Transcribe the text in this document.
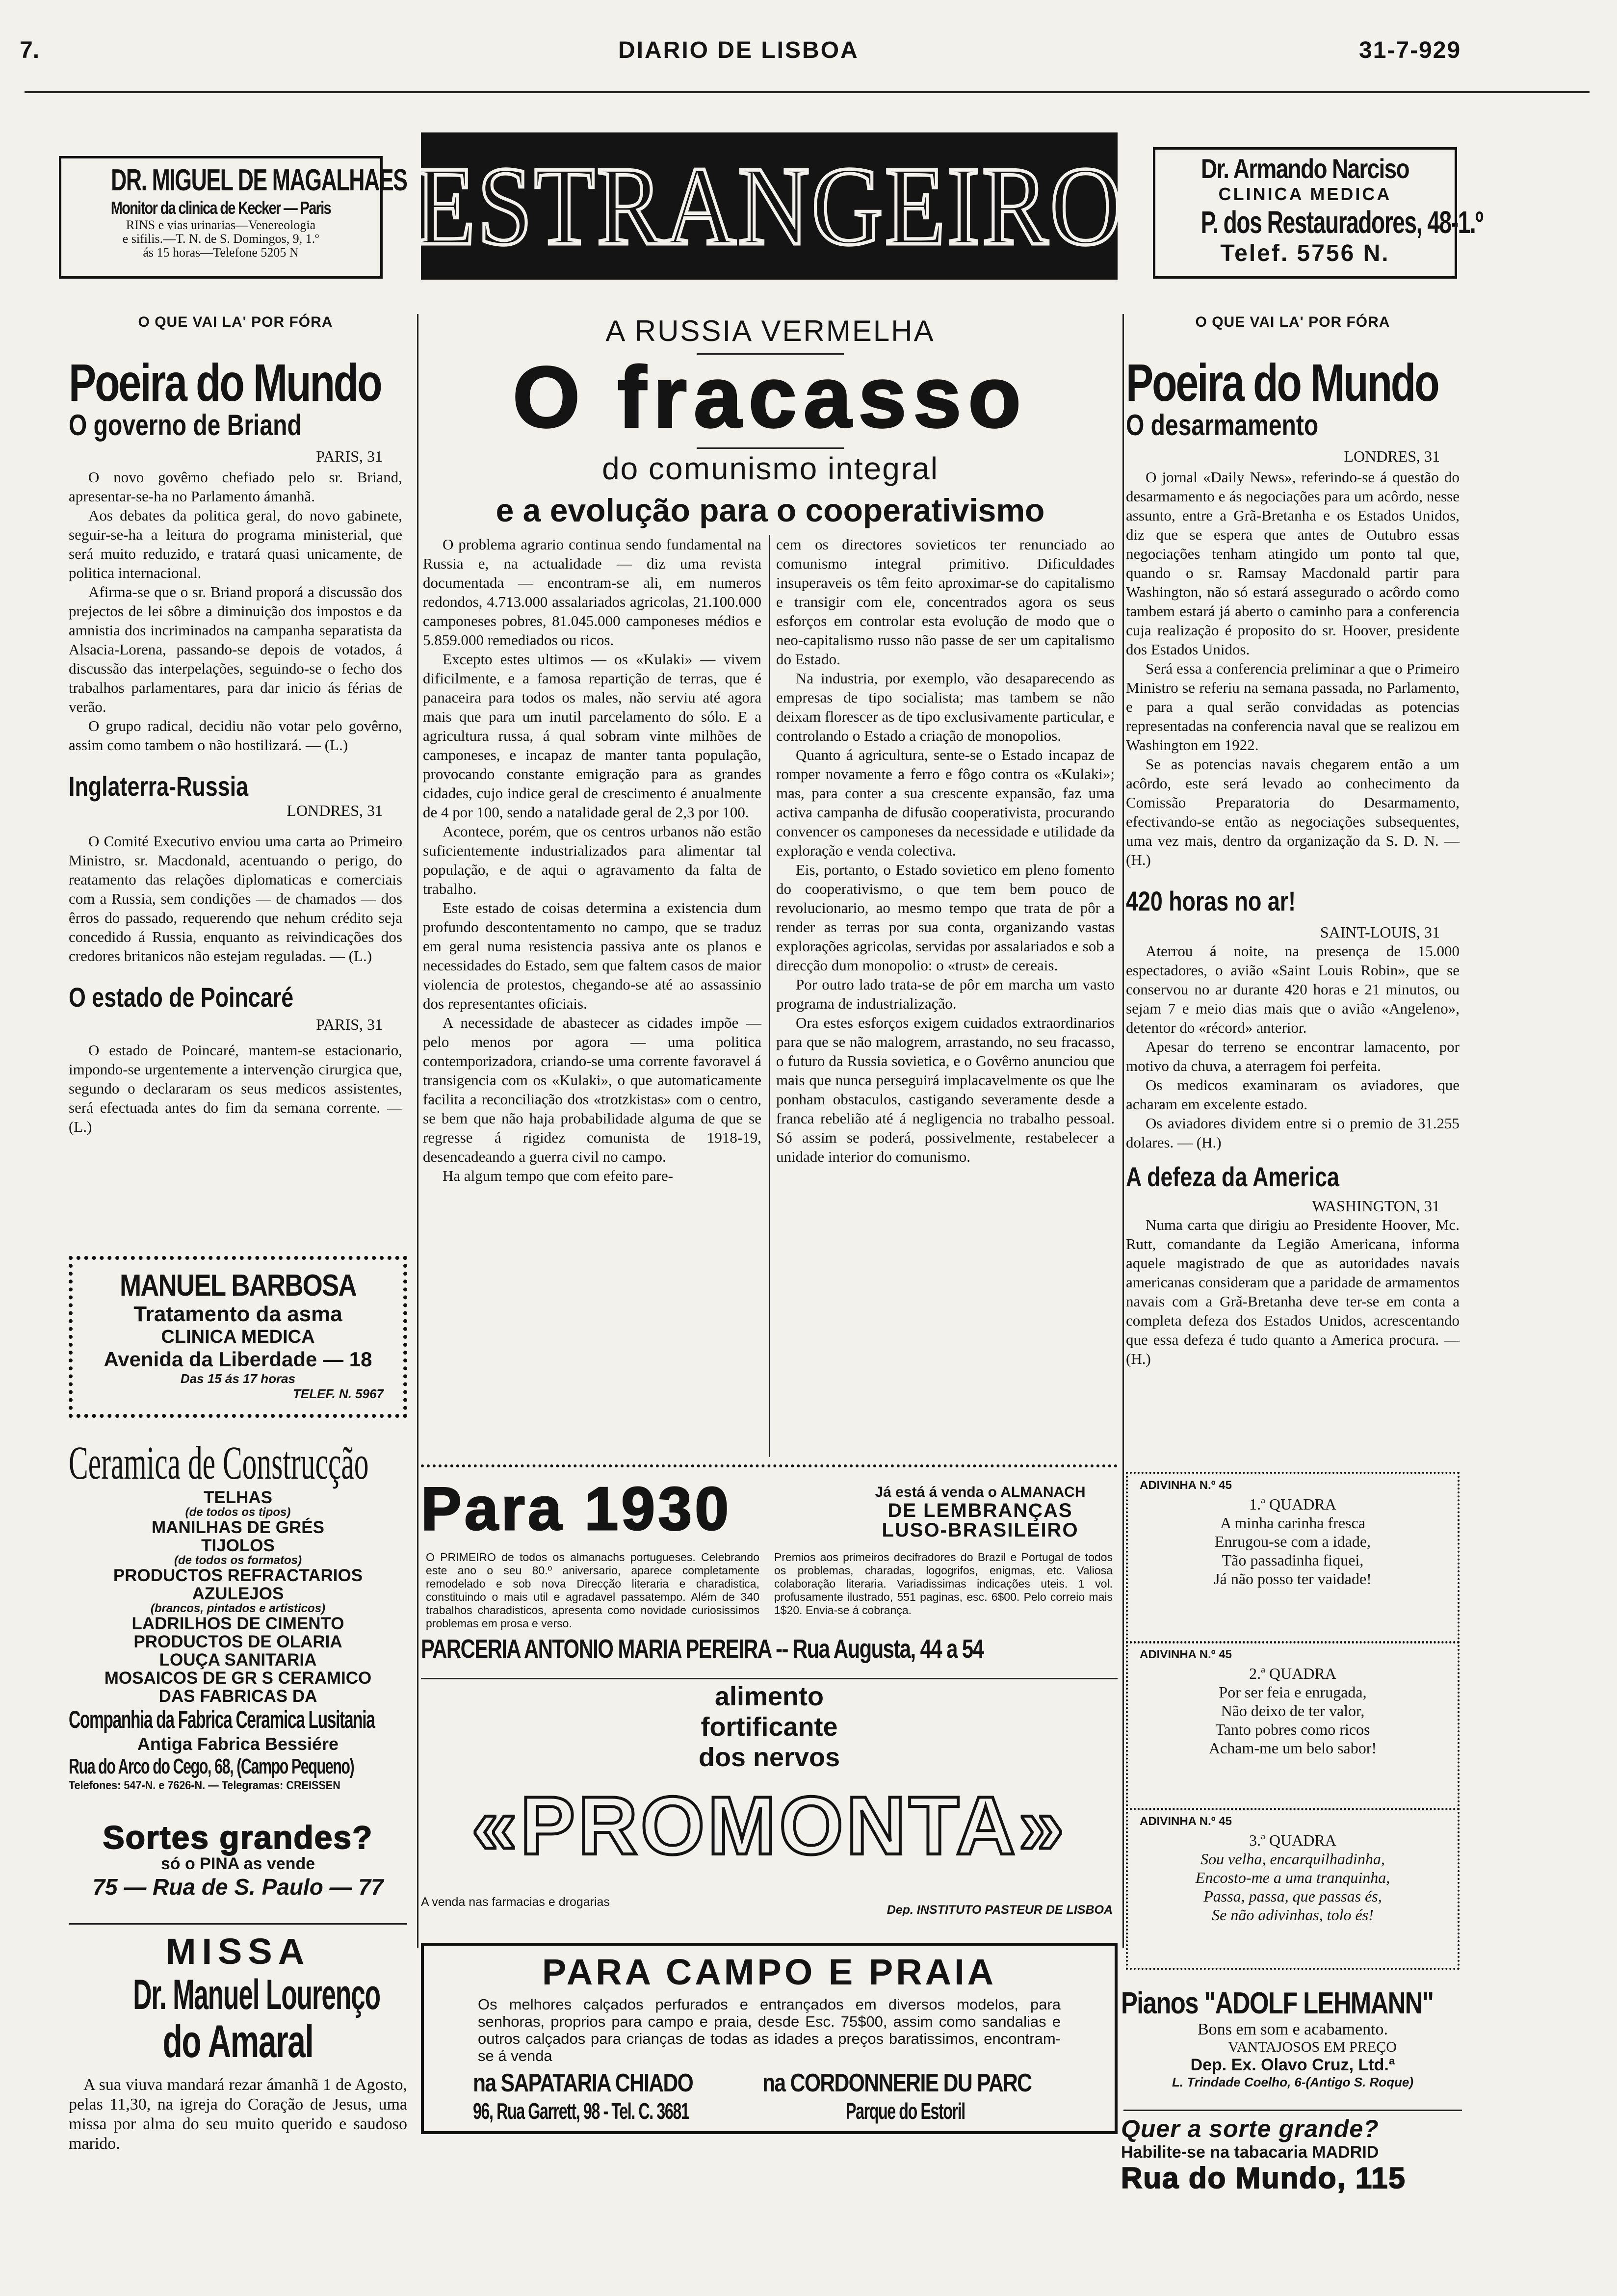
7.	DIARIO DE LISBOA	31-7-929
DR. MIGUEL DE MAGALHAES
Monitor da clinica de Kecker — Paris
RINS e vias urinarias—Venereologia
e sifilis.—T. N. de S. Domingos, 9, 1.º
ás 15 horas—Telefone 5205 N	ESTRANGEIRO	Dr. Armando Narciso
CLINICA MEDICA
P. dos Restauradores, 48-1.º
Telef. 5756 N.
O QUE VAI LA' POR FÓRA
Poeira do Mundo
O governo de Briand
PARIS, 31

O novo govêrno chefiado pelo sr. Briand, apresentar-se-ha no Parlamento ámanhã.

Aos debates da politica geral, do novo gabinete, seguir-se-ha a leitura do programa ministerial, que será muito reduzido, e tratará quasi unicamente, de politica internacional.

Afirma-se que o sr. Briand proporá a discussão dos prejectos de lei sôbre a diminuição dos impostos e da amnistia dos incriminados na campanha separatista da Alsacia-Lorena, passando-se depois de votados, á discussão das interpelações, seguindo-se o fecho dos trabalhos parlamentares, para dar inicio ás férias de verão.

O grupo radical, decidiu não votar pelo govêrno, assim como tambem o não hostilizará. — (L.)

Inglaterra-Russia
LONDRES, 31

O Comité Executivo enviou uma carta ao Primeiro Ministro, sr. Macdonald, acentuando o perigo, do reatamento das relações diplomaticas e comerciais com a Russia, sem condições — de chamados — dos êrros do passado, requerendo que nehum crédito seja concedido á Russia, enquanto as reivindicações dos credores britanicos não estejam reguladas. — (L.)

O estado de Poincaré
PARIS, 31

O estado de Poincaré, mantem-se estacionario, impondo-se urgentemente a intervenção cirurgica que, segundo o declararam os seus medicos assistentes, será efectuada antes do fim da semana corrente. — (L.)

MANUEL BARBOSA
Tratamento da asma
CLINICA MEDICA
Avenida da Liberdade — 18
Das 15 ás 17 horas
TELEF. N. 5967
Ceramica de Construcção
TELHAS
(de todos os tipos)
MANILHAS DE GRÉS
TIJOLOS
(de todos os formatos)
PRODUCTOS REFRACTARIOS
AZULEJOS
(brancos, pintados e artisticos)
LADRILHOS DE CIMENTO
PRODUCTOS DE OLARIA
LOUÇA SANITARIA
MOSAICOS DE GR S CERAMICO
DAS FABRICAS DA
Companhia da Fabrica Ceramica Lusitania
Antiga Fabrica Bessiére
Rua do Arco do Cego, 68, (Campo Pequeno)
Telefones: 547-N. e 7626-N. — Telegramas: CREISSEN
Sortes grandes?
só o PINA as vende
75 — Rua de S. Paulo — 77
MISSA
Dr. Manuel Lourenço
do Amaral
A sua viuva mandará rezar ámanhã 1 de Agosto, pelas 11,30, na igreja do Coração de Jesus, uma missa por alma do seu muito querido e saudoso marido.
A RUSSIA VERMELHA
O fracasso
do comunismo integral
e a evolução para o cooperativismo

O problema agrario continua sendo fundamental na Russia e, na actualidade — diz uma revista documentada — encontram-se ali, em numeros redondos, 4.713.000 assalariados agricolas, 21.100.000 camponeses pobres, 81.045.000 camponeses médios e 5.859.000 remediados ou ricos.

Excepto estes ultimos — os «Kulaki» — vivem dificilmente, e a famosa repartição de terras, que é panaceira para todos os males, não serviu até agora mais que para um inutil parcelamento do sólo. E a agricultura russa, á qual sobram vinte milhões de camponeses, e incapaz de manter tanta população, provocando constante emigração para as grandes cidades, cujo indice geral de crescimento é anualmente de 4 por 100, sendo a natalidade geral de 2,3 por 100.

Acontece, porém, que os centros urbanos não estão suficientemente industrializados para alimentar tal população, e de aqui o agravamento da falta de trabalho.

Este estado de coisas determina a existencia dum profundo descontentamento no campo, que se traduz em geral numa resistencia passiva ante os planos e necessidades do Estado, sem que faltem casos de maior violencia de protestos, chegando-se até ao assassinio dos representantes oficiais.

A necessidade de abastecer as cidades impõe — pelo menos por agora — uma politica contemporizadora, criando-se uma corrente favoravel á transigencia com os «Kulaki», o que automaticamente facilita a reconciliação dos «trotzkistas» com o centro, se bem que não haja probabilidade alguma de que se regresse á rigidez comunista de 1918-19, desencadeando a guerra civil no campo.

Ha algum tempo que com efeito pare-

cem os directores sovieticos ter renunciado ao comunismo integral primitivo. Dificuldades insuperaveis os têm feito aproximar-se do capitalismo e transigir com ele, concentrados agora os seus esforços em controlar esta evolução de modo que o neo-capitalismo russo não passe de ser um capitalismo do Estado.

Na industria, por exemplo, vão desaparecendo as empresas de tipo socialista; mas tambem se não deixam florescer as de tipo exclusivamente particular, e controlando o Estado a criação de monopolios.

Quanto á agricultura, sente-se o Estado incapaz de romper novamente a ferro e fôgo contra os «Kulaki»; mas, para conter a sua crescente expansão, faz uma activa campanha de difusão cooperativista, procurando convencer os camponeses da necessidade e utilidade da exploração e venda colectiva.

Eis, portanto, o Estado sovietico em pleno fomento do cooperativismo, o que tem bem pouco de revolucionario, ao mesmo tempo que trata de pôr a render as terras por sua conta, organizando vastas explorações agricolas, servidas por assalariados e sob a direcção dum monopolio: o «trust» de cereais.

Por outro lado trata-se de pôr em marcha um vasto programa de industrialização.

Ora estes esforços exigem cuidados extraordinarios para que se não malogrem, arrastando, no seu fracasso, o futuro da Russia sovietica, e o Govêrno anunciou que mais que nunca perseguirá implacavelmente os que lhe ponham obstaculos, castigando severamente desde a franca rebelião até á negligencia no trabalho pessoal. Só assim se poderá, possivelmente, restabelecer a unidade interior do comunismo.

Para 1930	Já está á venda o ALMANACH
DE LEMBRANÇAS
LUSO-BRASILEIRO
O PRIMEIRO de todos os almanachs portugueses. Celebrando este ano o seu 80.º aniversario, aparece completamente remodelado e sob nova Direcção literaria e charadistica, constituindo o mais util e agradavel passatempo. Além de 340 trabalhos charadisticos, apresenta como novidade curiosissimos problemas em prosa e verso.
Premios aos primeiros decifradores do Brazil e Portugal de todos os problemas, charadas, logogrifos, enigmas, etc. Valiosa colaboração literaria. Variadissimas indicações uteis. 1 vol. profusamente ilustrado, 551 paginas, esc. 6$00. Pelo correio mais 1$20. Envia-se á cobrança.
PARCERIA ANTONIO MARIA PEREIRA -- Rua Augusta, 44 a 54
alimento
fortificante
dos nervos
«PROMONTA»
A venda nas farmacias e drogarias
Dep. INSTITUTO PASTEUR DE LISBOA
PARA CAMPO E PRAIA
Os melhores calçados perfurados e entrançados em diversos modelos, para senhoras, proprios para campo e praia, desde Esc. 75$00, assim como sandalias e outros calçados para crianças de todas as idades a preços baratissimos, encontram-se á venda
na SAPATARIA CHIADO	na CORDONNERIE DU PARC
96, Rua Garrett, 98 - Tel. C. 3681	Parque do Estoril
O QUE VAI LA' POR FÓRA
Poeira do Mundo
O desarmamento
LONDRES, 31

O jornal «Daily News», referindo-se á questão do desarmamento e ás negociações para um acôrdo, nesse assunto, entre a Grã-Bretanha e os Estados Unidos, diz que se espera que antes de Outubro essas negociações tenham atingido um ponto tal que, quando o sr. Ramsay Macdonald partir para Washington, não só estará assegurado o acôrdo como tambem estará já aberto o caminho para a conferencia cuja realização é proposito do sr. Hoover, presidente dos Estados Unidos.

Será essa a conferencia preliminar a que o Primeiro Ministro se referiu na semana passada, no Parlamento, e para a qual serão convidadas as potencias representadas na conferencia naval que se realizou em Washington em 1922.

Se as potencias navais chegarem então a um acôrdo, este será levado ao conhecimento da Comissão Preparatoria do Desarmamento, efectivando-se então as negociações subsequentes, uma vez mais, dentro da organização da S. D. N. — (H.)

420 horas no ar!
SAINT-LOUIS, 31

Aterrou á noite, na presença de 15.000 espectadores, o avião «Saint Louis Robin», que se conservou no ar durante 420 horas e 21 minutos, ou sejam 7 e meio dias mais que o avião «Angeleno», detentor do «récord» anterior.

Apesar do terreno se encontrar lamacento, por motivo da chuva, a aterragem foi perfeita.

Os medicos examinaram os aviadores, que acharam em excelente estado.

Os aviadores dividem entre si o premio de 31.255 dolares. — (H.)

A defeza da America
WASHINGTON, 31

Numa carta que dirigiu ao Presidente Hoover, Mc. Rutt, comandante da Legião Americana, informa aquele magistrado de que as autoridades navais americanas consideram que a paridade de armamentos navais com a Grã-Bretanha deve ter-se em conta a completa defeza dos Estados Unidos, acrescentando que essa defeza é tudo quanto a America procura. — (H.)

ADIVINHA N.º 45
1.ª QUADRA
A minha carinha fresca
Enrugou-se com a idade,
Tão passadinha fiquei,
Já não posso ter vaidade!
ADIVINHA N.º 45
2.ª QUADRA
Por ser feia e enrugada,
Não deixo de ter valor,
Tanto pobres como ricos
Acham-me um belo sabor!
ADIVINHA N.º 45
3.ª QUADRA
Sou velha, encarquilhadinha,
Encosto-me a uma tranquinha,
Passa, passa, que passas és,
Se não adivinhas, tolo és!
Pianos "ADOLF LEHMANN"
Bons em som e acabamento.
VANTAJOSOS EM PREÇO
Dep. Ex. Olavo Cruz, Ltd.ª
L. Trindade Coelho, 6-(Antigo S. Roque)
Quer a sorte grande?
Habilite-se na tabacaria MADRID
Rua do Mundo, 115
